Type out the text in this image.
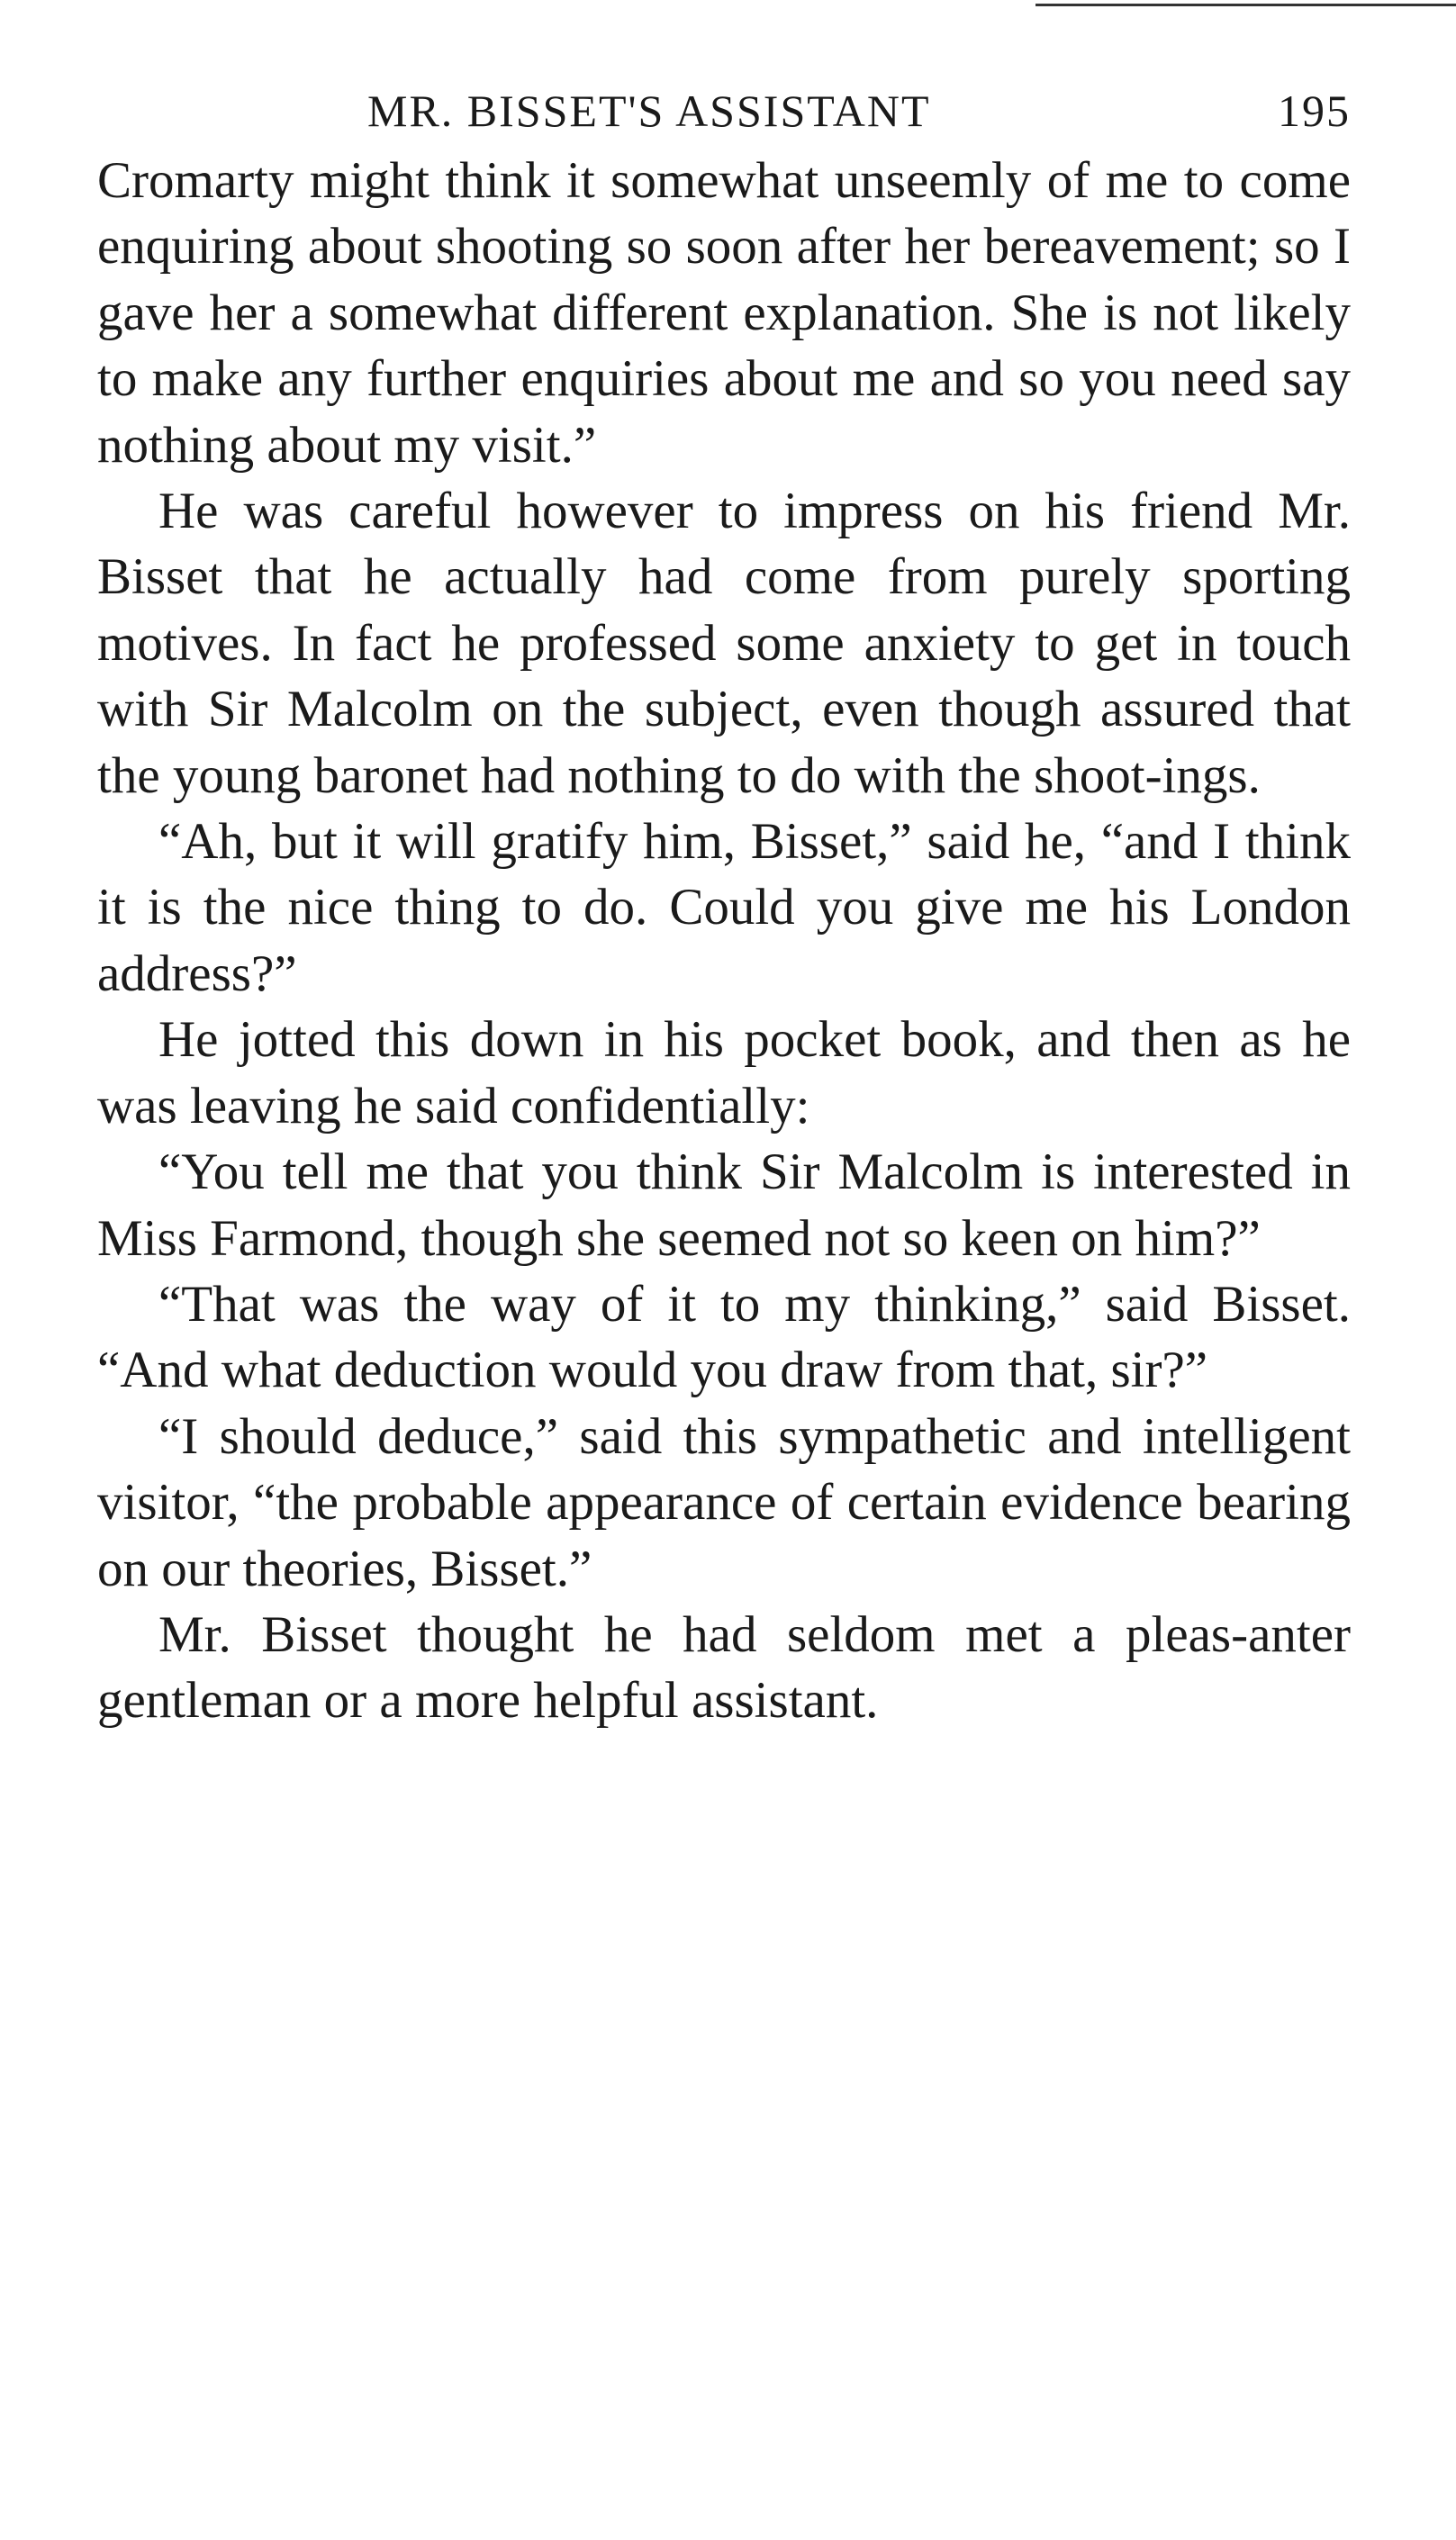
MR. BISSET'S ASSISTANT	195

Cromarty might think it somewhat unseemly of me to come enquiring about shooting so soon after her bereavement; so I gave her a somewhat different explanation. She is not likely to make any further enquiries about me and so you need say nothing about my visit.”

He was careful however to impress on his friend Mr. Bisset that he actually had come from purely sporting motives. In fact he professed some anxiety to get in touch with Sir Malcolm on the subject, even though assured that the young baronet had nothing to do with the shoot-ings.

“Ah, but it will gratify him, Bisset,” said he, “and I think it is the nice thing to do. Could you give me his London address?”

He jotted this down in his pocket book, and then as he was leaving he said confidentially:

“You tell me that you think Sir Malcolm is interested in Miss Farmond, though she seemed not so keen on him?”

“That was the way of it to my thinking,” said Bisset. “And what deduction would you draw from that, sir?”

“I should deduce,” said this sympathetic and intelligent visitor, “the probable appearance of certain evidence bearing on our theories, Bisset.”

Mr. Bisset thought he had seldom met a pleas-anter gentleman or a more helpful assistant.
